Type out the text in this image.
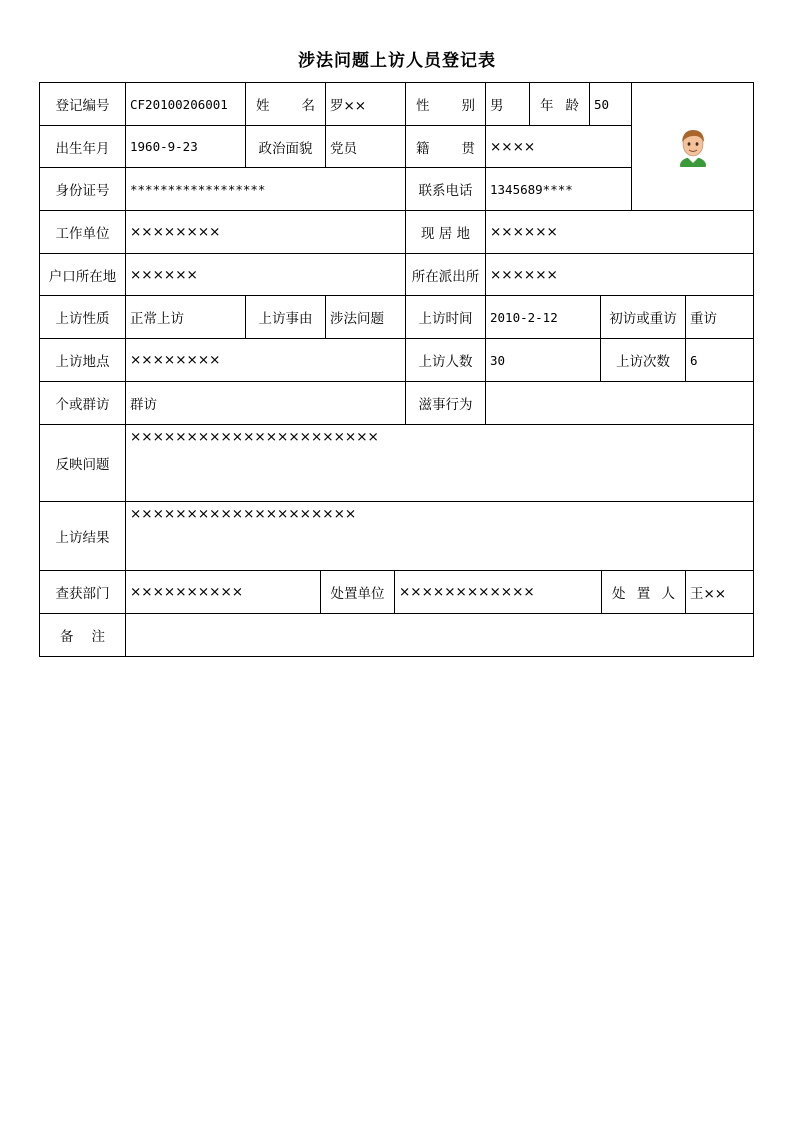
涉法问题上访人员登记表
登记编号	CF20100206001	姓 名	罗××	性 别	男	年 龄	50
出生年月	1960-9-23	政治面貌	党员	籍 贯	××××
身份证号	******************	联系电话	1345689****
工作单位	××××××××	现 居 地	××××××
户口所在地	××××××	所在派出所 ××××××
上访性质	正常上访	上访事由	涉法问题	上访时间	2010-2-12	初访或重访 重访
上访地点	××××××××	上访人数	30	上访次数	6
个或群访	群访	滋事行为
反映问题
××××××××××××××××××××××
上访结果
××××××××××××××××××××
查获部门	××××××××××	处置单位	××××××××××××	处 置 人	王××
备 注
